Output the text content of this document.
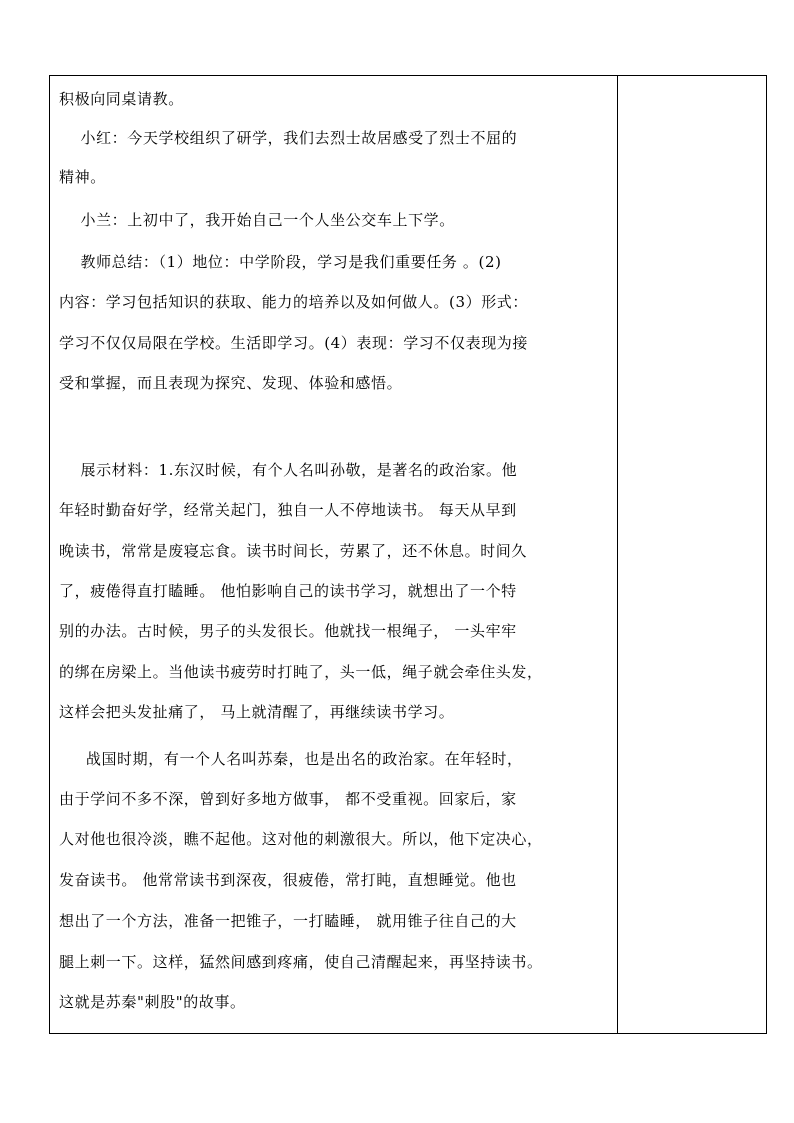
积极向同桌请教。
小红：今天学校组织了研学，我们去烈士故居感受了烈士不屈的
精神。
小兰：上初中了，我开始自己一个人坐公交车上下学。
教师总结：（1）地位：中学阶段，学习是我们重要任务 。(2)
内容：学习包括知识的获取、能力的培养以及如何做人。(3）形式：
学习不仅仅局限在学校。生活即学习。(4）表现：学习不仅表现为接
受和掌握，而且表现为探究、发现、体验和感悟。
展示材料：1.东汉时候，有个人名叫孙敬，是著名的政治家。他
年轻时勤奋好学，经常关起门，独自一人不停地读书。 每天从早到
晚读书，常常是废寝忘食。读书时间长，劳累了，还不休息。时间久
了，疲倦得直打瞌睡。 他怕影响自己的读书学习，就想出了一个特
别的办法。古时候，男子的头发很长。他就找一根绳子， 一头牢牢
的绑在房梁上。当他读书疲劳时打盹了，头一低，绳子就会牵住头发，
这样会把头发扯痛了， 马上就清醒了，再继续读书学习。
战国时期，有一个人名叫苏秦，也是出名的政治家。在年轻时，
由于学问不多不深，曾到好多地方做事， 都不受重视。回家后，家
人对他也很冷淡，瞧不起他。这对他的刺激很大。所以，他下定决心，
发奋读书。 他常常读书到深夜，很疲倦，常打盹，直想睡觉。他也
想出了一个方法，准备一把锥子，一打瞌睡， 就用锥子往自己的大
腿上刺一下。这样，猛然间感到疼痛，使自己清醒起来，再坚持读书。
这就是苏秦"刺股"的故事。
